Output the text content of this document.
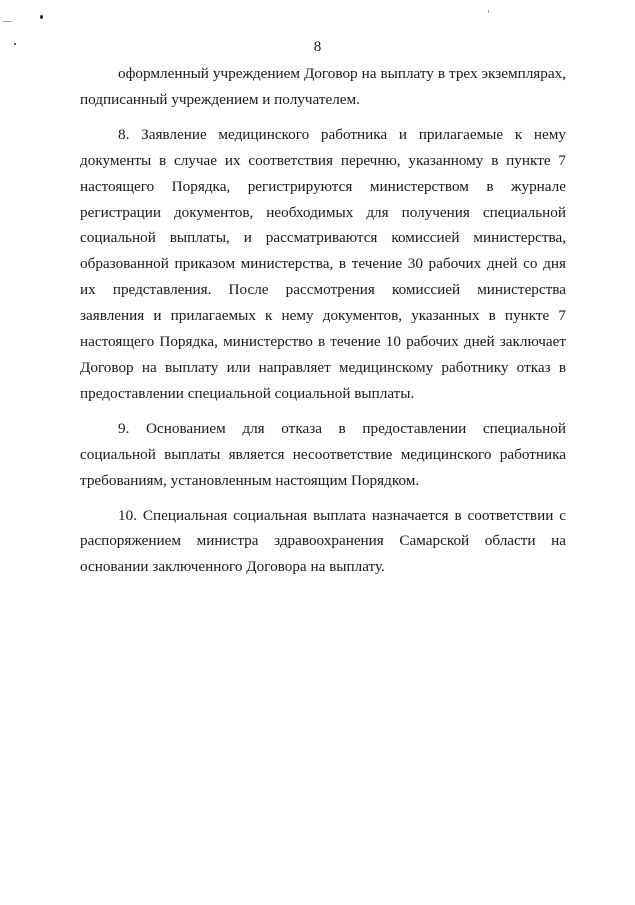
8

оформленный учреждением Договор на выплату в трех экземплярах, подписанный учреждением и получателем.

8. Заявление медицинского работника и прилагаемые к нему документы в случае их соответствия перечню, указанному в пункте 7 настоящего Порядка, регистрируются министерством в журнале регистрации документов, необходимых для получения специальной социальной выплаты, и рассматриваются комиссией министерства, образованной приказом министерства, в течение 30 рабочих дней со дня их представления. После рассмотрения комиссией министерства заявления и прилагаемых к нему документов, указанных в пункте 7 настоящего Порядка, министерство в течение 10 рабочих дней заключает Договор на выплату или направляет медицинскому работнику отказ в предоставлении специальной социальной выплаты.

9. Основанием для отказа в предоставлении специальной социальной выплаты является несоответствие медицинского работника требованиям, установленным настоящим Порядком.

10. Специальная социальная выплата назначается в соответствии с распоряжением министра здравоохранения Самарской области на основании заключенного Договора на выплату.
